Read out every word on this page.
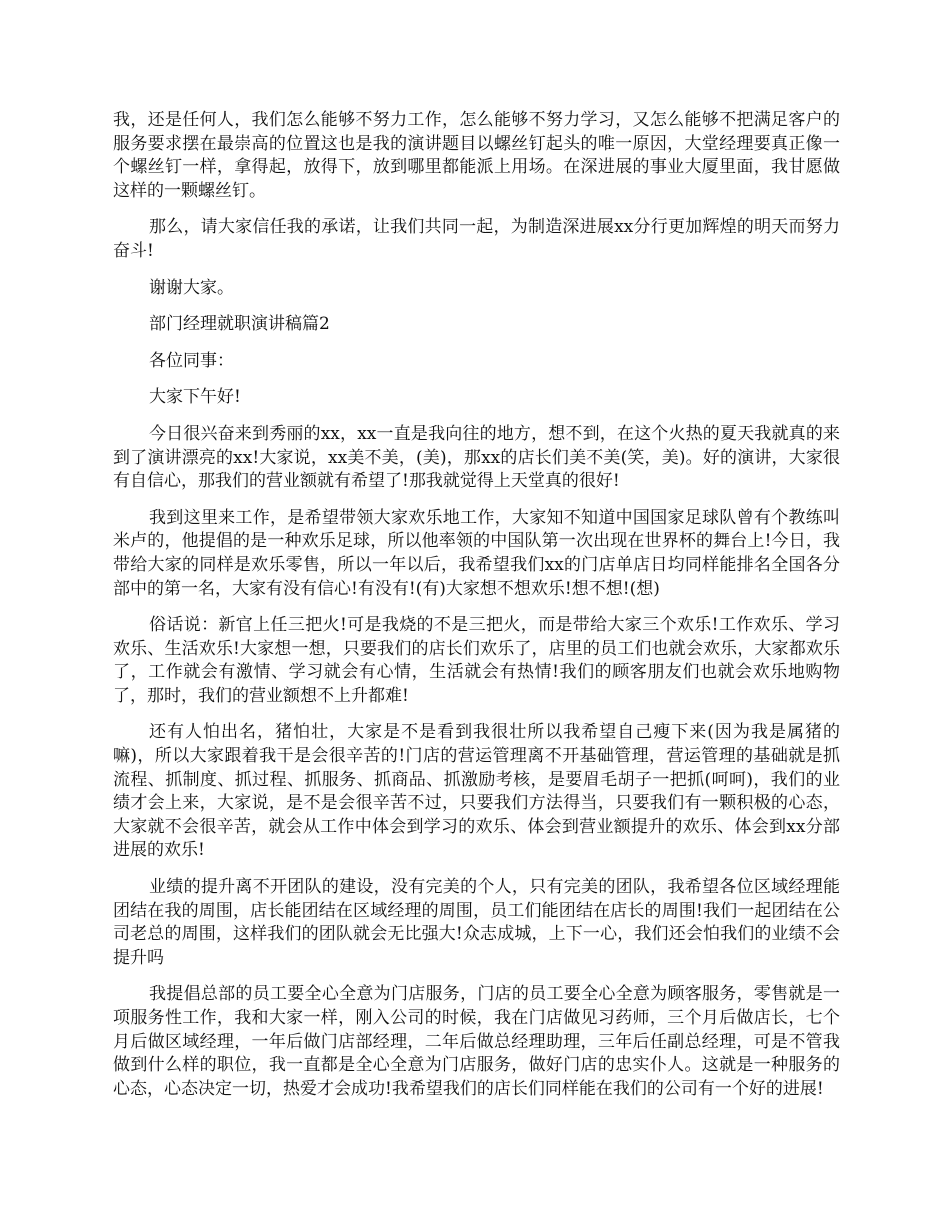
我，还是任何人，我们怎么能够不努力工作，怎么能够不努力学习，又怎么能够不把满足客户的服务要求摆在最崇高的位置这也是我的演讲题目以螺丝钉起头的唯一原因，大堂经理要真正像一个螺丝钉一样，拿得起，放得下，放到哪里都能派上用场。在深进展的事业大厦里面，我甘愿做这样的一颗螺丝钉。

那么，请大家信任我的承诺，让我们共同一起，为制造深进展xx分行更加辉煌的明天而努力奋斗!

谢谢大家。

部门经理就职演讲稿篇2

各位同事：

大家下午好!

今日很兴奋来到秀丽的xx，xx一直是我向往的地方，想不到，在这个火热的夏天我就真的来到了演讲漂亮的xx!大家说，xx美不美，(美)，那xx的店长们美不美(笑，美)。好的演讲，大家很有自信心，那我们的营业额就有希望了!那我就觉得上天堂真的很好!

我到这里来工作，是希望带领大家欢乐地工作，大家知不知道中国国家足球队曾有个教练叫米卢的，他提倡的是一种欢乐足球，所以他率领的中国队第一次出现在世界杯的舞台上!今日，我带给大家的同样是欢乐零售，所以一年以后，我希望我们xx的门店单店日均同样能排名全国各分部中的第一名，大家有没有信心!有没有!(有)大家想不想欢乐!想不想!(想)

俗话说：新官上任三把火!可是我烧的不是三把火，而是带给大家三个欢乐!工作欢乐、学习欢乐、生活欢乐!大家想一想，只要我们的店长们欢乐了，店里的员工们也就会欢乐，大家都欢乐了，工作就会有激情、学习就会有心情，生活就会有热情!我们的顾客朋友们也就会欢乐地购物了，那时，我们的营业额想不上升都难!

还有人怕出名，猪怕壮，大家是不是看到我很壮所以我希望自己瘦下来(因为我是属猪的嘛)，所以大家跟着我干是会很辛苦的!门店的营运管理离不开基础管理，营运管理的基础就是抓流程、抓制度、抓过程、抓服务、抓商品、抓激励考核，是要眉毛胡子一把抓(呵呵)，我们的业绩才会上来，大家说，是不是会很辛苦不过，只要我们方法得当，只要我们有一颗积极的心态，大家就不会很辛苦，就会从工作中体会到学习的欢乐、体会到营业额提升的欢乐、体会到xx分部进展的欢乐!

业绩的提升离不开团队的建设，没有完美的个人，只有完美的团队，我希望各位区域经理能团结在我的周围，店长能团结在区域经理的周围，员工们能团结在店长的周围!我们一起团结在公司老总的周围，这样我们的团队就会无比强大!众志成城，上下一心，我们还会怕我们的业绩不会提升吗

我提倡总部的员工要全心全意为门店服务，门店的员工要全心全意为顾客服务，零售就是一项服务性工作，我和大家一样，刚入公司的时候，我在门店做见习药师，三个月后做店长，七个月后做区域经理，一年后做门店部经理，二年后做总经理助理，三年后任副总经理，可是不管我做到什么样的职位，我一直都是全心全意为门店服务，做好门店的忠实仆人。这就是一种服务的心态，心态决定一切，热爱才会成功!我希望我们的店长们同样能在我们的公司有一个好的进展!
